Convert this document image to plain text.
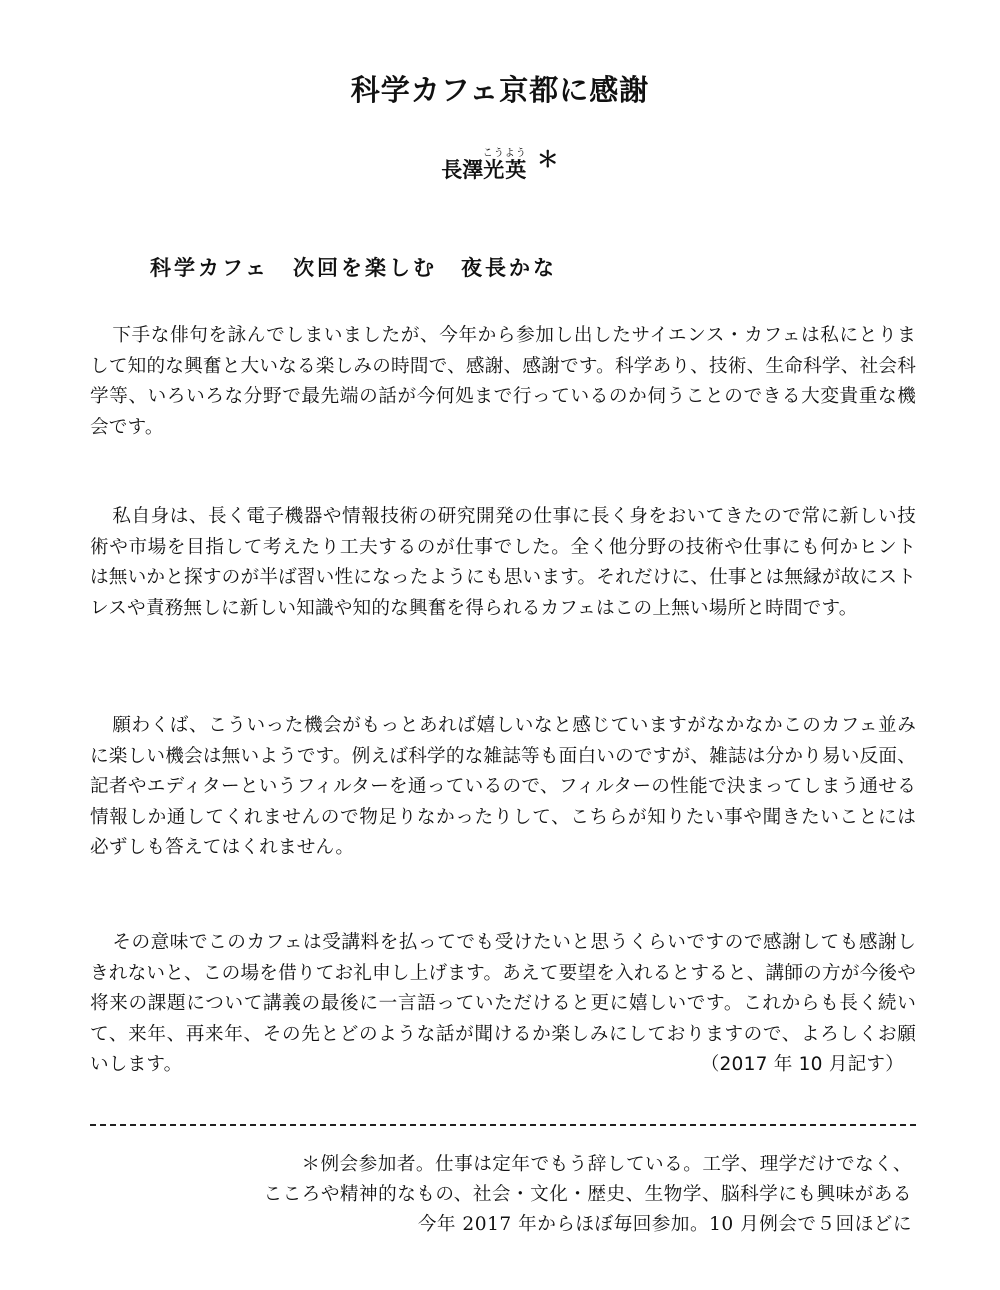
科学カフェ京都に感謝
長澤光英こうよう ＊
科学カフェ　次回を楽しむ　夜長かな

下手な俳句を詠んでしまいましたが、今年から参加し出したサイエンス・カフェは私にとりまして知的な興奮と大いなる楽しみの時間で、感謝、感謝です。科学あり、技術、生命科学、社会科学等、いろいろな分野で最先端の話が今何処まで行っているのか伺うことのできる大変貴重な機会です。

私自身は、長く電子機器や情報技術の研究開発の仕事に長く身をおいてきたので常に新しい技術や市場を目指して考えたり工夫するのが仕事でした。全く他分野の技術や仕事にも何かヒントは無いかと探すのが半ば習い性になったようにも思います。それだけに、仕事とは無縁が故にストレスや責務無しに新しい知識や知的な興奮を得られるカフェはこの上無い場所と時間です。

願わくば、こういった機会がもっとあれば嬉しいなと感じていますがなかなかこのカフェ並みに楽しい機会は無いようです。例えば科学的な雑誌等も面白いのですが、雑誌は分かり易い反面、記者やエディターというフィルターを通っているので、フィルターの性能で決まってしまう通せる情報しか通してくれませんので物足りなかったりして、こちらが知りたい事や聞きたいことには必ずしも答えてはくれません。

その意味でこのカフェは受講料を払ってでも受けたいと思うくらいですので感謝しても感謝しきれないと、この場を借りてお礼申し上げます。あえて要望を入れるとすると、講師の方が今後や将来の課題について講義の最後に一言語っていただけると更に嬉しいです。これからも長く続いて、来年、再来年、その先とどのような話が聞けるか楽しみにしておりますので、よろしくお願いします。	（2017 年 10 月記す）
＊例会参加者。仕事は定年でもう辞している。工学、理学だけでなく、
こころや精神的なもの、社会・文化・歴史、生物学、脳科学にも興味がある
今年 2017 年からほぼ毎回参加。10 月例会で５回ほどに
